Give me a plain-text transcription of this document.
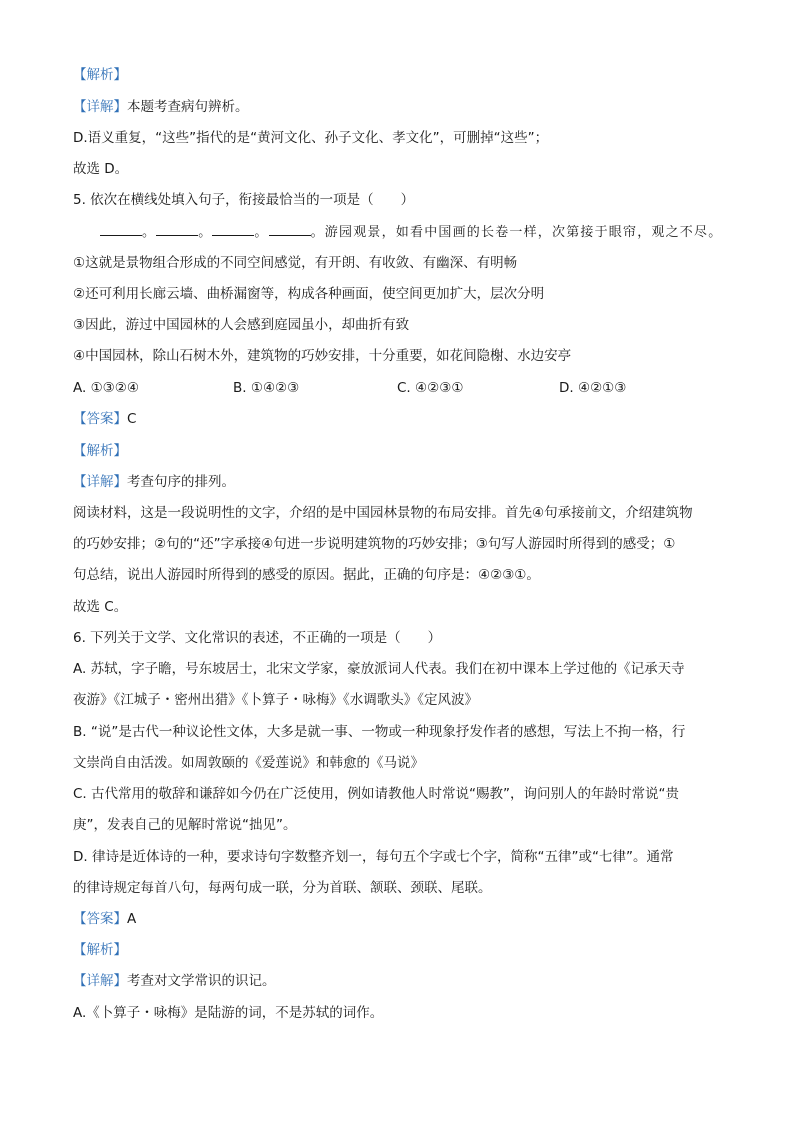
【解析】
【详解】本题考查病句辨析。
D.语义重复，“这些”指代的是“黄河文化、孙子文化、孝文化”，可删掉“这些”；
故选 D。
5. 依次在横线处填入句子，衔接最恰当的一项是（　　）
。	。	。	。游园观景，如看中国画的长卷一样，次第接于眼帘，观之不尽。
①这就是景物组合形成的不同空间感觉，有开朗、有收敛、有幽深、有明畅
②还可利用长廊云墙、曲桥漏窗等，构成各种画面，使空间更加扩大，层次分明
③因此，游过中国园林的人会感到庭园虽小，却曲折有致
④中国园林，除山石树木外，建筑物的巧妙安排，十分重要，如花间隐榭、水边安亭
A. ①③②④	B. ①④②③	C. ④②③①	D. ④②①③
【答案】C
【解析】
【详解】考查句序的排列。
阅读材料，这是一段说明性的文字，介绍的是中国园林景物的布局安排。首先④句承接前文，介绍建筑物
的巧妙安排；②句的“还”字承接④句进一步说明建筑物的巧妙安排；③句写人游园时所得到的感受；①
句总结，说出人游园时所得到的感受的原因。据此，正确的句序是：④②③①。
故选 C。
6. 下列关于文学、文化常识的表述，不正确的一项是（　　）
A. 苏轼，字子瞻，号东坡居士，北宋文学家，豪放派词人代表。我们在初中课本上学过他的《记承天寺
夜游》《江城子・密州出猎》《卜算子・咏梅》《水调歌头》《定风波》
B. “说”是古代一种议论性文体，大多是就一事、一物或一种现象抒发作者的感想，写法上不拘一格，行
文崇尚自由活泼。如周敦颐的《爱莲说》和韩愈的《马说》
C. 古代常用的敬辞和谦辞如今仍在广泛使用，例如请教他人时常说“赐教”，询问别人的年龄时常说“贵
庚”，发表自己的见解时常说“拙见”。
D. 律诗是近体诗的一种，要求诗句字数整齐划一，每句五个字或七个字，简称“五律”或“七律”。通常
的律诗规定每首八句，每两句成一联，分为首联、颔联、颈联、尾联。
【答案】A
【解析】
【详解】考查对文学常识的识记。
A.《卜算子・咏梅》是陆游的词，不是苏轼的词作。
